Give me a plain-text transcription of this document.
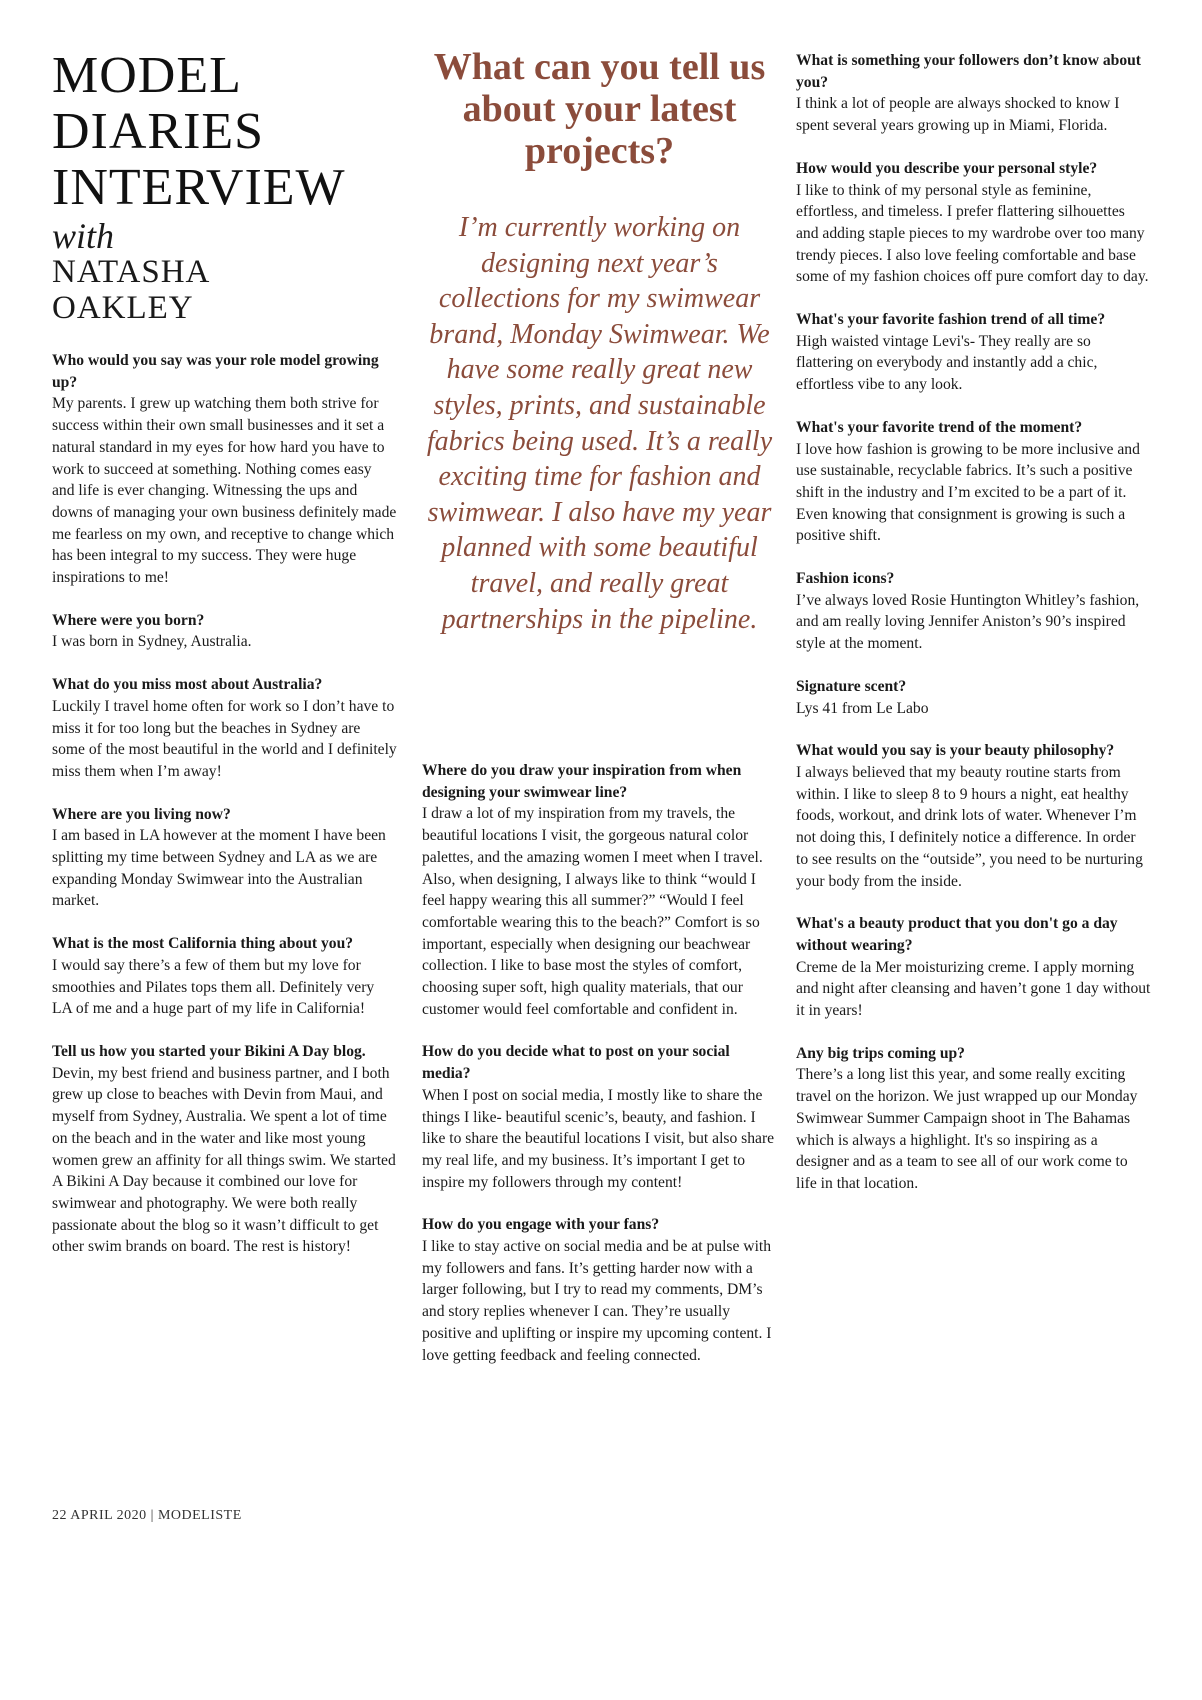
MODEL
DIARIES
INTERVIEW
with
NATASHA
OAKLEY
Who would you say was your role model growing up?
My parents. I grew up watching them both strive for success within their own small businesses and it set a natural standard in my eyes for how hard you have to work to succeed at something. Nothing comes easy and life is ever changing. Witnessing the ups and downs of managing your own business definitely made me fearless on my own, and receptive to change which has been integral to my success. They were huge inspirations to me!
Where were you born?
I was born in Sydney, Australia.
What do you miss most about Australia?
Luckily I travel home often for work so I don’t have to miss it for too long but the beaches in Sydney are some of the most beautiful in the world and I definitely miss them when I’m away!
Where are you living now?
I am based in LA however at the moment I have been splitting my time between Sydney and LA as we are expanding Monday Swimwear into the Australian market.
What is the most California thing about you?
I would say there’s a few of them but my love for smoothies and Pilates tops them all. Definitely very LA of me and a huge part of my life in California!
Tell us how you started your Bikini A Day blog.
Devin, my best friend and business partner, and I both grew up close to beaches with Devin from Maui, and myself from Sydney, Australia. We spent a lot of time on the beach and in the water and like most young women grew an affinity for all things swim. We started A Bikini A Day because it combined our love for swimwear and photography. We were both really passionate about the blog so it wasn’t difficult to get other swim brands on board. The rest is history!
What can you tell us about your latest projects?
I’m currently working on designing next year’s collections for my swimwear brand, Monday Swimwear. We have some really great new styles, prints, and sustainable fabrics being used. It’s a really exciting time for fashion and swimwear. I also have my year planned with some beautiful travel, and really great partnerships in the pipeline.
Where do you draw your inspiration from when designing your swimwear line?
I draw a lot of my inspiration from my travels, the beautiful locations I visit, the gorgeous natural color palettes, and the amazing women I meet when I travel. Also, when designing, I always like to think “would I feel happy wearing this all summer?” “Would I feel comfortable wearing this to the beach?” Comfort is so important, especially when designing our beachwear collection. I like to base most the styles of comfort, choosing super soft, high quality materials, that our customer would feel comfortable and confident in.
How do you decide what to post on your social media?
When I post on social media, I mostly like to share the things I like- beautiful scenic’s, beauty, and fashion. I like to share the beautiful locations I visit, but also share my real life, and my business. It’s important I get to inspire my followers through my content!
How do you engage with your fans?
I like to stay active on social media and be at pulse with my followers and fans. It’s getting harder now with a larger following, but I try to read my comments, DM’s and story replies whenever I can. They’re usually positive and uplifting or inspire my upcoming content. I love getting feedback and feeling connected.
What is something your followers don’t know about you?
I think a lot of people are always shocked to know I spent several years growing up in Miami, Florida.
How would you describe your personal style?
I like to think of my personal style as feminine, effortless, and timeless. I prefer flattering silhouettes and adding staple pieces to my wardrobe over too many trendy pieces. I also love feeling comfortable and base some of my fashion choices off pure comfort day to day.
What's your favorite fashion trend of all time?
High waisted vintage Levi's- They really are so flattering on everybody and instantly add a chic, effortless vibe to any look.
What's your favorite trend of the moment?
I love how fashion is growing to be more inclusive and use sustainable, recyclable fabrics. It’s such a positive shift in the industry and I’m excited to be a part of it. Even knowing that consignment is growing is such a positive shift.
Fashion icons?
I’ve always loved Rosie Huntington Whitley’s fashion, and am really loving Jennifer Aniston’s 90’s inspired style at the moment.
Signature scent?
Lys 41 from Le Labo
What would you say is your beauty philosophy?
I always believed that my beauty routine starts from within. I like to sleep 8 to 9 hours a night, eat healthy foods, workout, and drink lots of water. Whenever I’m not doing this, I definitely notice a difference. In order to see results on the “outside”, you need to be nurturing your body from the inside.
What's a beauty product that you don't go a day without wearing?
Creme de la Mer moisturizing creme. I apply morning and night after cleansing and haven’t gone 1 day without it in years!
Any big trips coming up?
There’s a long list this year, and some really exciting travel on the horizon. We just wrapped up our Monday Swimwear Summer Campaign shoot in The Bahamas which is always a highlight. It's so inspiring as a designer and as a team to see all of our work come to life in that location.
22 APRIL 2020 | MODELISTE
